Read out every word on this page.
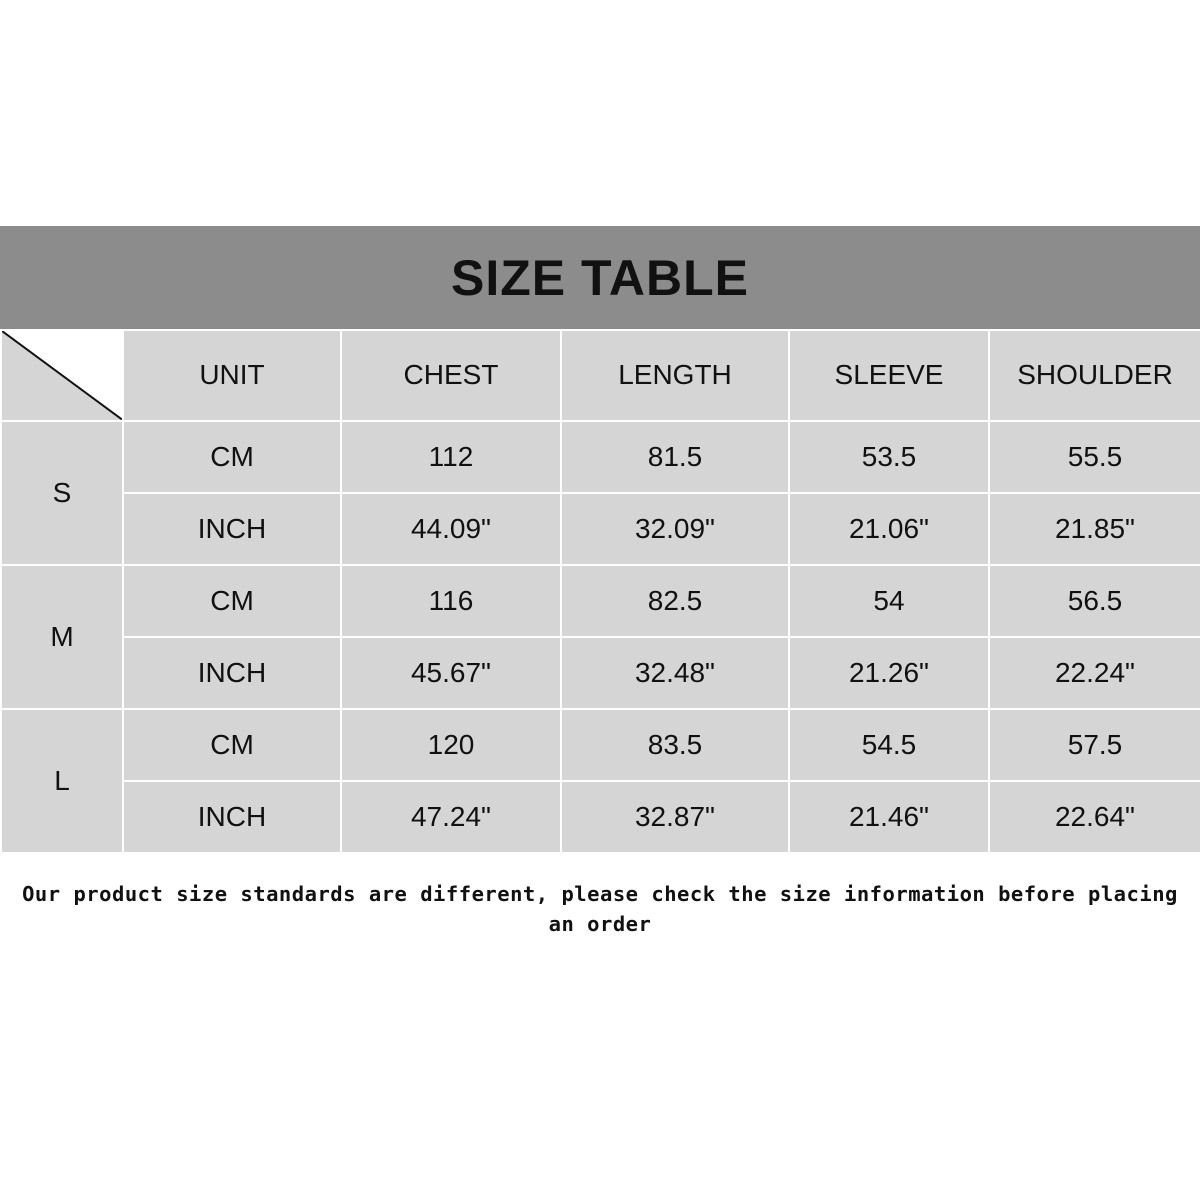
SIZE TABLE
	UNIT	CHEST	LENGTH	SLEEVE	SHOULDER
S	CM	112	81.5	53.5	55.5
	INCH	44.09"	32.09"	21.06"	21.85"
M	CM	116	82.5	54	56.5
	INCH	45.67"	32.48"	21.26"	22.24"
L	CM	120	83.5	54.5	57.5
	INCH	47.24"	32.87"	21.46"	22.64"
Our product size standards are different, please check the size information before placing an order
